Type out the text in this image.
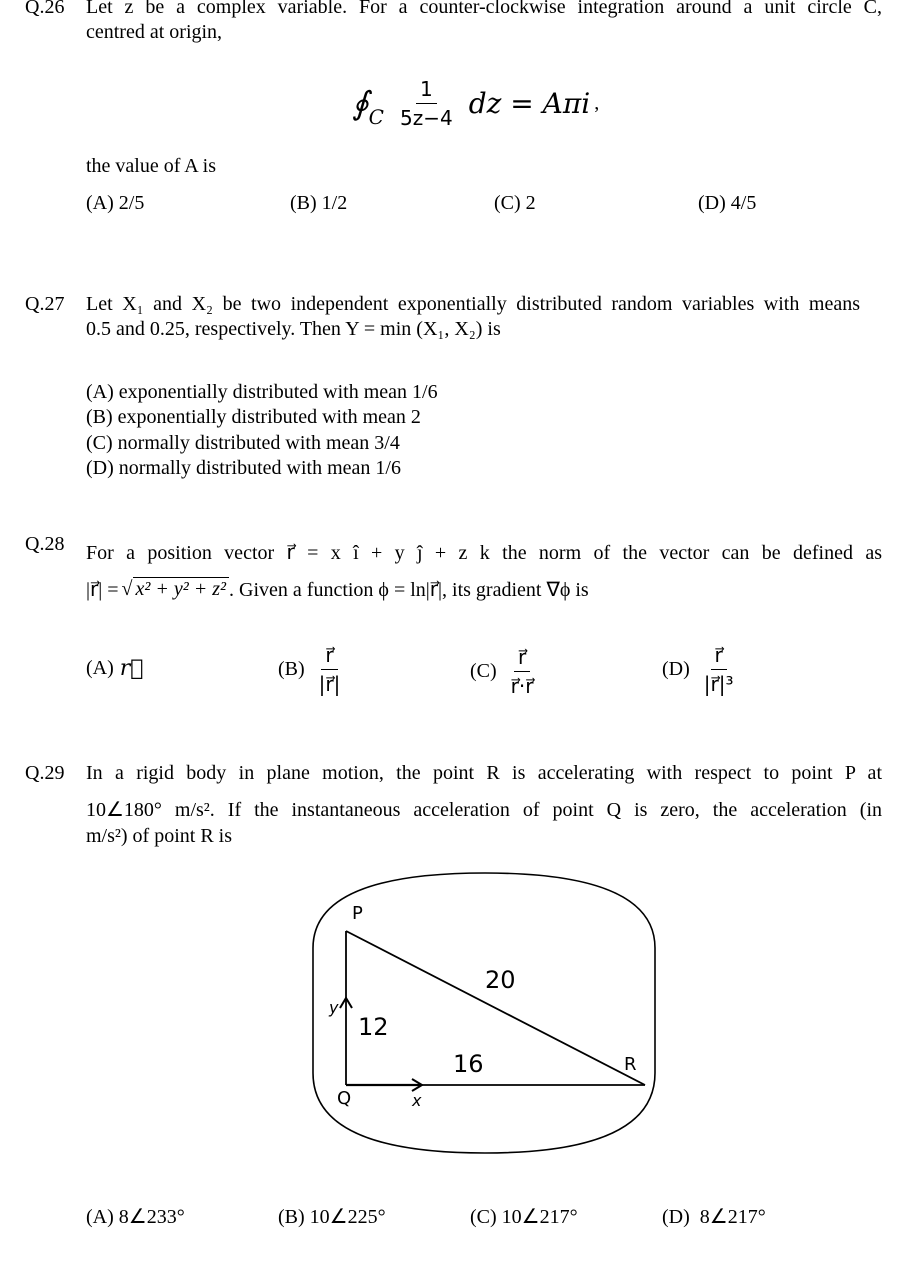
Q.26 Let z be a complex variable. For a counter-clockwise integration around a unit circle C,
centred at origin,
∮ C $\frac{1}{5z-4}$ dz = Aπi ,
the value of A is
(A) 2/5	(B) 1/2	(C) 2	(D) 4/5
Q.27 Let X₁ and X₂ be two independent exponentially distributed random variables with means
0.5 and 0.25, respectively. Then Y = min (X₁, X₂) is
(A) exponentially distributed with mean 1/6
(B) exponentially distributed with mean 2
(C) normally distributed with mean 3/4
(D) normally distributed with mean 1/6
Q.28 For a position vector r⃗ = x î + y ĵ + z k the norm of the vector can be defined as
|r⃗| = √ x² + y² + z² . Given a function ϕ = ln|r⃗|, its gradient ∇ϕ is
(A) r⃗	$(B) \frac{r⃗}{|r⃗|}$	$(C) \frac{r⃗}{r⃗\cdot r⃗}$	$(D) \frac{r⃗}{\text{|r⃗|³}}$
Q.29 In a rigid body in plane motion, the point R is accelerating with respect to point P at
10∠180° m/s². If the instantaneous acceleration of point Q is zero, the acceleration (in
m/s²) of point R is
P
Q
R
x
y
20
12
16
(A) 8∠233°	(B) 10∠225°	(C) 10∠217°	(D)  8∠217°
